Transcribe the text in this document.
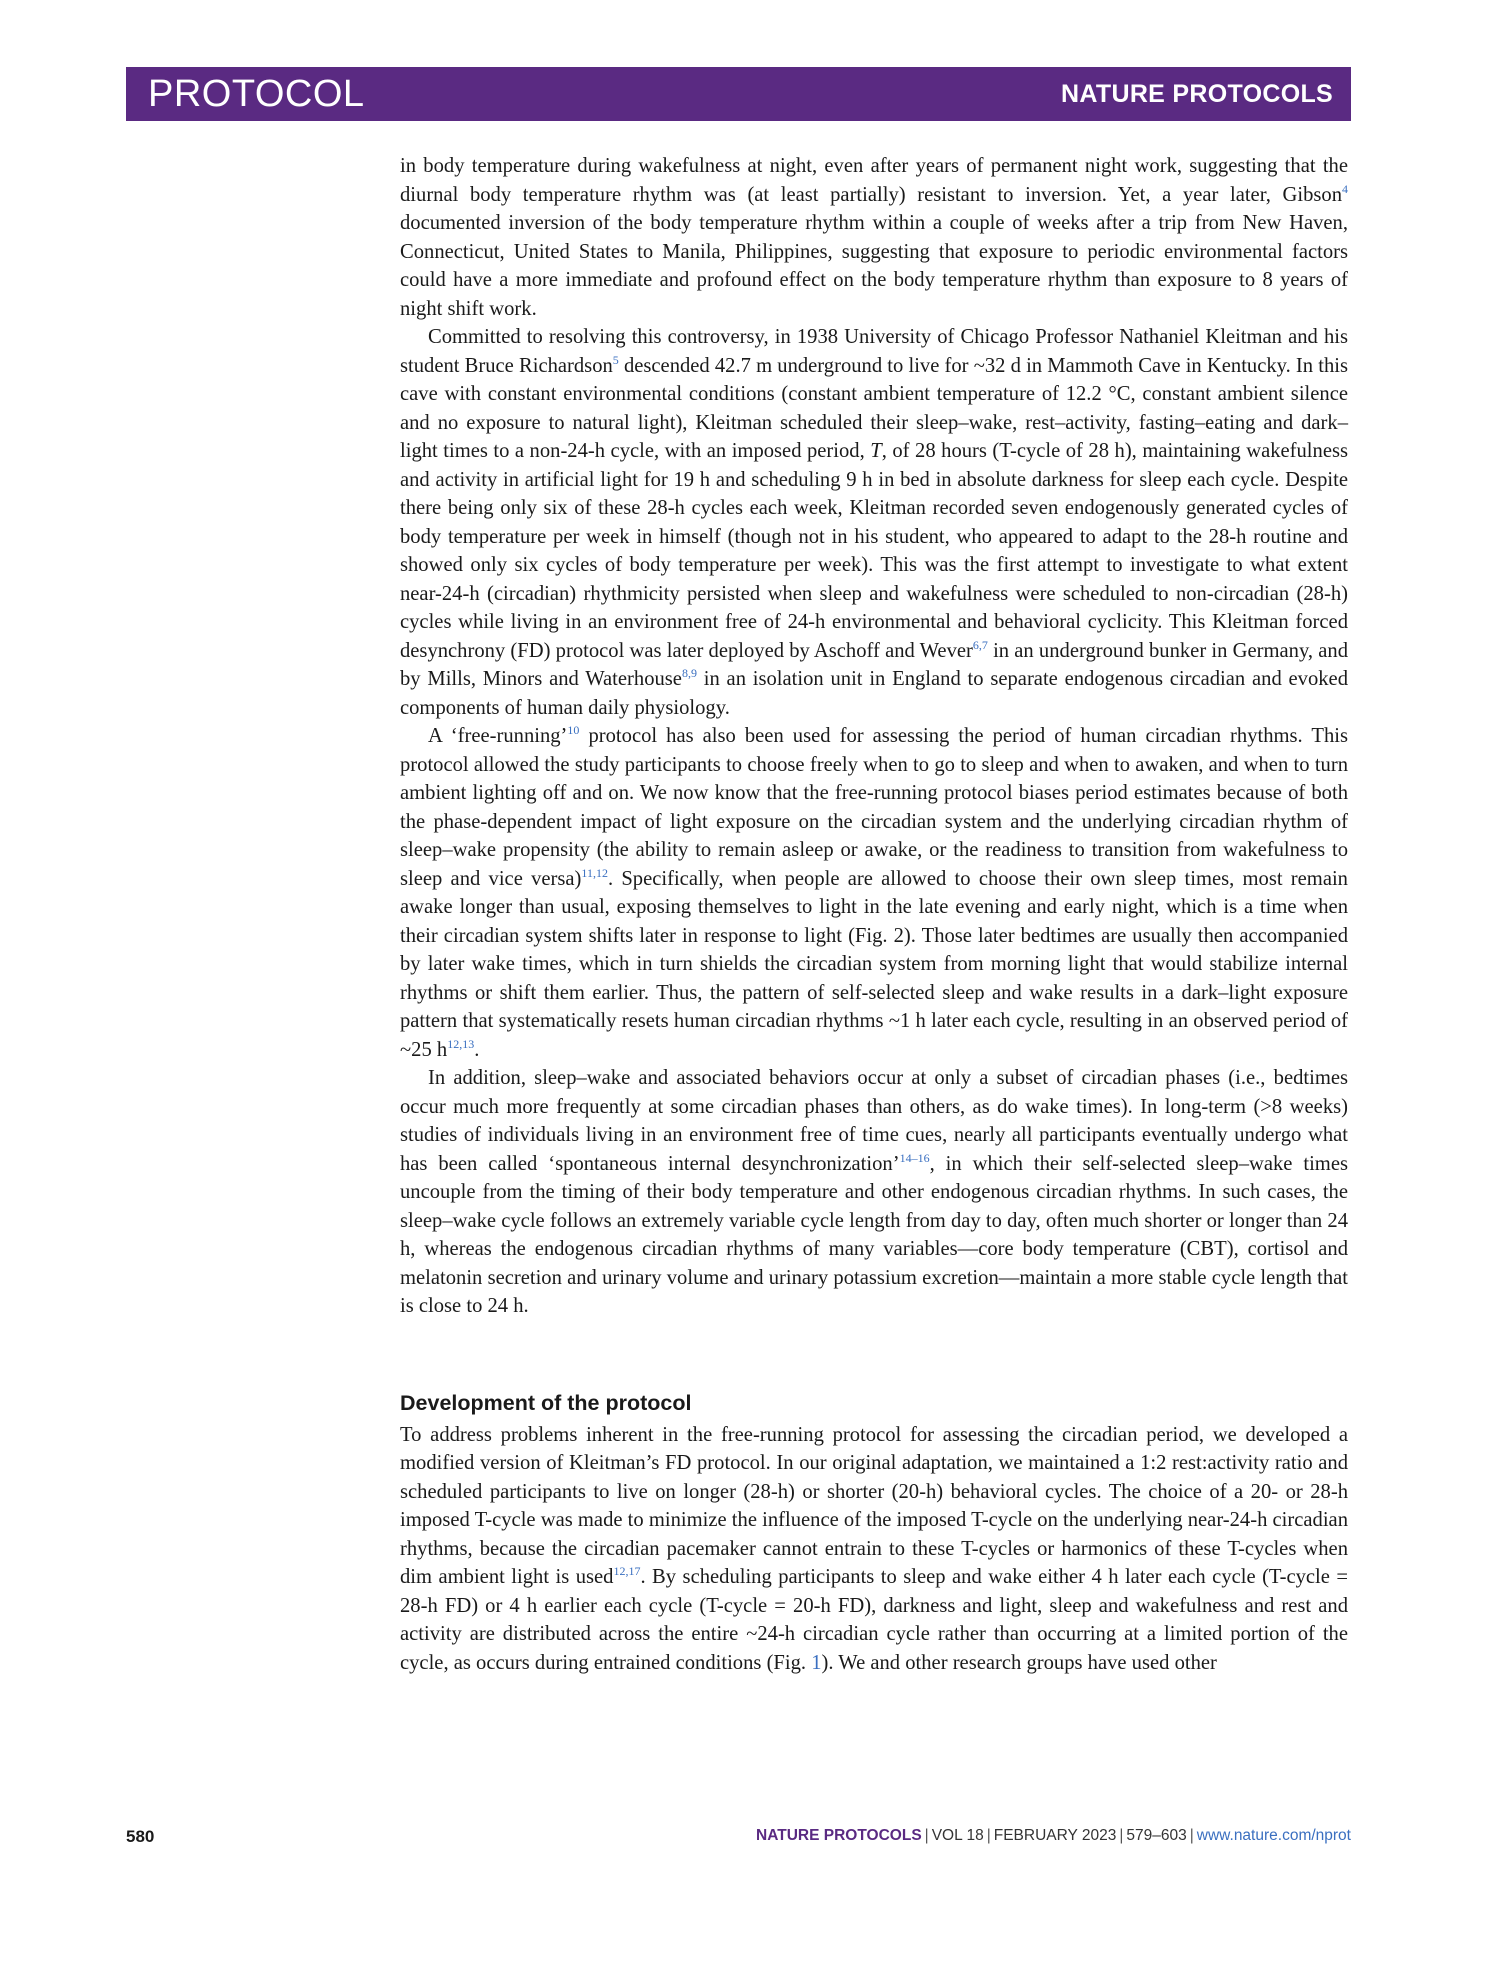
PROTOCOL	NATURE PROTOCOLS

in body temperature during wakefulness at night, even after years of permanent night work, suggesting that the diurnal body temperature rhythm was (at least partially) resistant to inversion. Yet, a year later, Gibson$^4$ documented inversion of the body temperature rhythm within a couple of weeks after a trip from New Haven, Connecticut, United States to Manila, Philippines, suggesting that exposure to periodic environmental factors could have a more immediate and profound effect on the body temperature rhythm than exposure to 8 years of night shift work.

Committed to resolving this controversy, in 1938 University of Chicago Professor Nathaniel Kleitman and his student Bruce Richardson$^5$ descended 42.7 m underground to live for ~32 d in Mammoth Cave in Kentucky. In this cave with constant environmental conditions (constant ambient temperature of 12.2 °C, constant ambient silence and no exposure to natural light), Kleitman scheduled their sleep–wake, rest–activity, fasting–eating and dark–light times to a non-24-h cycle, with an imposed period, T, of 28 hours (T-cycle of 28 h), maintaining wakefulness and activity in artificial light for 19 h and scheduling 9 h in bed in absolute darkness for sleep each cycle. Despite there being only six of these 28-h cycles each week, Kleitman recorded seven endogenously generated cycles of body temperature per week in himself (though not in his student, who appeared to adapt to the 28-h routine and showed only six cycles of body temperature per week). This was the first attempt to investigate to what extent near-24-h (circadian) rhythmicity persisted when sleep and wakefulness were scheduled to non-circadian (28-h) cycles while living in an environment free of 24-h environmental and behavioral cyclicity. This Kleitman forced desynchrony (FD) protocol was later deployed by Aschoff and Wever$^{6,7}$ in an underground bunker in Germany, and by Mills, Minors and Waterhouse$^{8,9}$ in an isolation unit in England to separate endogenous circadian and evoked components of human daily physiology.

A ‘free-running’$^{10}$ protocol has also been used for assessing the period of human circadian rhythms. This protocol allowed the study participants to choose freely when to go to sleep and when to awaken, and when to turn ambient lighting off and on. We now know that the free-running protocol biases period estimates because of both the phase-dependent impact of light exposure on the circadian system and the underlying circadian rhythm of sleep–wake propensity (the ability to remain asleep or awake, or the readiness to transition from wakefulness to sleep and vice versa)$^{11,12}$. Specifically, when people are allowed to choose their own sleep times, most remain awake longer than usual, exposing themselves to light in the late evening and early night, which is a time when their circadian system shifts later in response to light (Fig. 2). Those later bedtimes are usually then accompanied by later wake times, which in turn shields the circadian system from morning light that would stabilize internal rhythms or shift them earlier. Thus, the pattern of self-selected sleep and wake results in a dark–light exposure pattern that systematically resets human circadian rhythms ~1 h later each cycle, resulting in an observed period of ~25 $h^{12,13}$.

In addition, sleep–wake and associated behaviors occur at only a subset of circadian phases (i.e., bedtimes occur much more frequently at some circadian phases than others, as do wake times). In long-term (>8 weeks) studies of individuals living in an environment free of time cues, nearly all participants eventually undergo what has been called ‘spontaneous internal desynchronization’$^{14-16}$, in which their self-selected sleep–wake times uncouple from the timing of their body temperature and other endogenous circadian rhythms. In such cases, the sleep–wake cycle follows an extremely variable cycle length from day to day, often much shorter or longer than 24 h, whereas the endogenous circadian rhythms of many variables—core body temperature (CBT), cortisol and melatonin secretion and urinary volume and urinary potassium excretion—maintain a more stable cycle length that is close to 24 h.

Development of the protocol

To address problems inherent in the free-running protocol for assessing the circadian period, we developed a modified version of Kleitman’s FD protocol. In our original adaptation, we maintained a 1:2 rest:activity ratio and scheduled participants to live on longer (28-h) or shorter (20-h) behavioral cycles. The choice of a 20- or 28-h imposed T-cycle was made to minimize the influence of the imposed T-cycle on the underlying near-24-h circadian rhythms, because the circadian pacemaker cannot entrain to these T-cycles or harmonics of these T-cycles when dim ambient light is used$^{12,17}$. By scheduling participants to sleep and wake either 4 h later each cycle (T-cycle = 28-h FD) or 4 h earlier each cycle (T-cycle = 20-h FD), darkness and light, sleep and wakefulness and rest and activity are distributed across the entire ~24-h circadian cycle rather than occurring at a limited portion of the cycle, as occurs during entrained conditions (Fig. 1). We and other research groups have used other

580	NATURE PROTOCOLS | VOL 18 | FEBRUARY 2023 | 579–603 | www.nature.com/nprot
